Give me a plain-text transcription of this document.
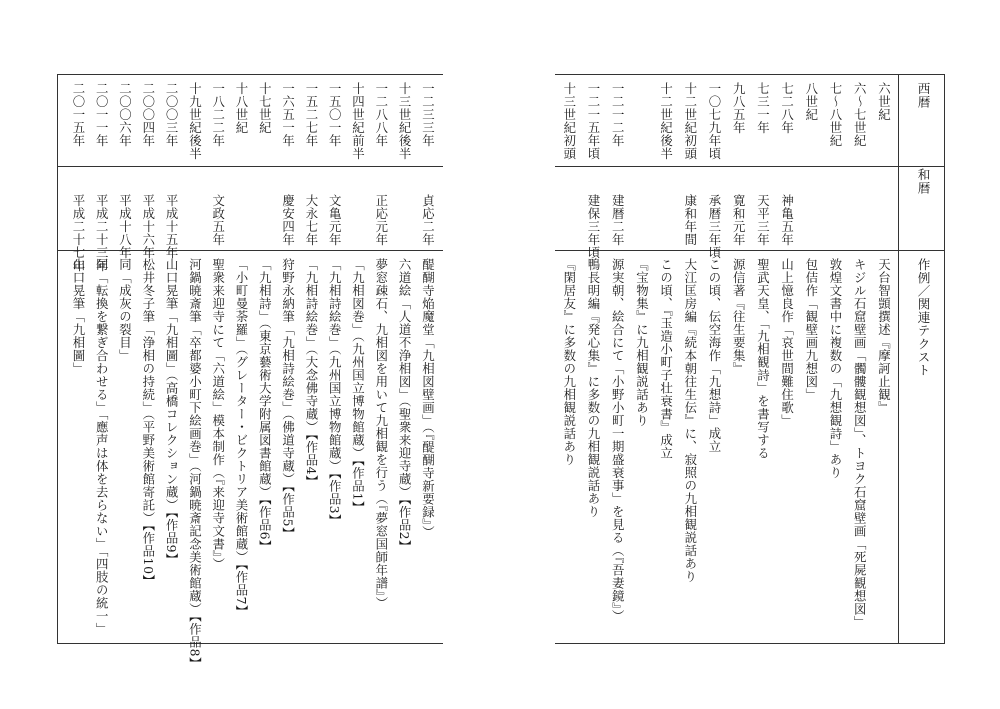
西暦
和暦
作例／関連テクスト
六世紀
天台智顗撰述『摩訶止観』
六～七世紀
キジル石窟壁画「髑髏観想図」、トヨク石窟壁画「死屍観想図」
七～八世紀
敦煌文書中に複数の「九想観詩」あり
八世紀
包佶作「観壁画九想図」
七二八年
神亀五年
山上憶良作「哀世間難住歌」
七三一年
天平三年
聖武天皇、「九相観詩」を書写する
九八五年
寛和元年
源信著『往生要集』
一〇七九年頃
承暦三年頃
この頃、伝空海作「九想詩」成立
十二世紀初頭
康和年間
大江匡房編『続本朝往生伝』に、寂照の九相観説話あり
十二世紀後半
この頃、『玉造小町子壮衰書』成立
『宝物集』に九相観説話あり
一二一二年
建暦二年
源実朝、絵合にて「小野小町一期盛衰事」を見る（『吾妻鏡』）
一二一五年頃
建保三年頃
鴨長明編『発心集』に多数の九相観説話あり
十三世紀初頭
『閑居友』に多数の九相観説話あり
一二三三年
貞応二年
醍醐寺焔魔堂「九相図壁画」（『醍醐寺新要録』）
十三世紀後半
六道絵「人道不浄相図」（聖衆来迎寺蔵）【作品2】
一二八八年
正応元年
夢窓疎石、九相図を用いて九相観を行う（『夢窓国師年譜』）
十四世紀前半
「九相図巻」（九州国立博物館蔵）【作品1】
一五〇一年
文亀元年
「九相詩絵巻」（九州国立博物館蔵）【作品3】
一五二七年
大永七年
「九相詩絵巻」（大念佛寺蔵）【作品4】
一六五一年
慶安四年
狩野永納筆「九相詩絵巻」（佛道寺蔵）【作品5】
十七世紀
「九相詩」（東京藝術大学附属図書館蔵）【作品6】
十八世紀
「小町曼荼羅」（グレーター・ビクトリア美術館蔵）【作品7】
一八二二年
文政五年
聖衆来迎寺にて「六道絵」模本制作（『来迎寺文書』）
十九世紀後半
河鍋暁斎筆「卒都婆小町下絵画巻」（河鍋暁斎記念美術館蔵）【作品8】
二〇〇三年
平成十五年
山口晃筆「九相圖」（高橋コレクション蔵）【作品9】
二〇〇四年
平成十六年
松井冬子筆「浄相の持続」（平野美術館寄託）【作品10】
二〇〇六年
平成十八年
同「成灰の裂目」
二〇一一年
平成二十三年
同「転換を繋ぎ合わせる」「應声は体を去らない」「四肢の統一」
二〇一五年
平成二十七年
山口晃筆「九相圖」
